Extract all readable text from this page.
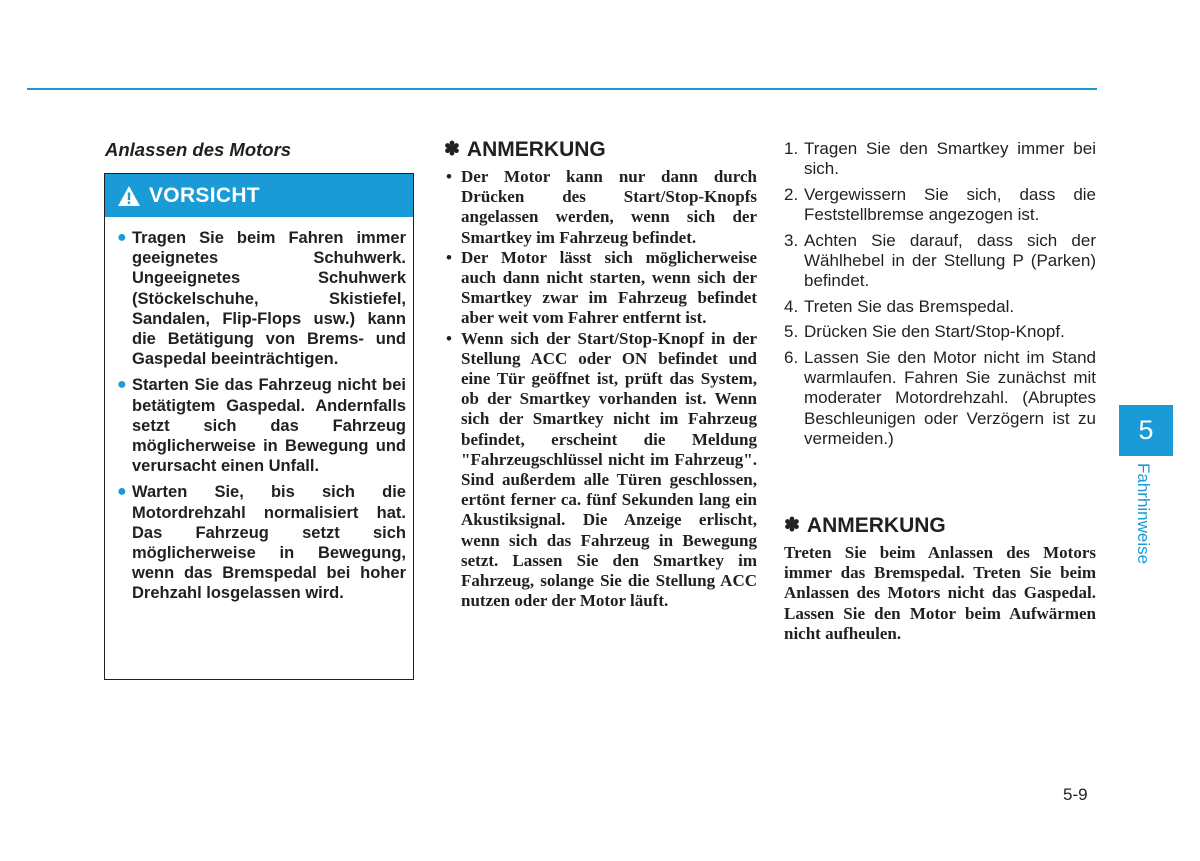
Anlassen des Motors
VORSICHT
● Tragen Sie beim Fahren immer geeignetes Schuhwerk. Ungeeignetes Schuhwerk (Stöckelschuhe, Skistiefel, Sandalen, Flip-Flops usw.) kann die Betätigung von Brems- und Gaspedal beeinträchtigen.
● Starten Sie das Fahrzeug nicht bei betätigtem Gaspedal. Andernfalls setzt sich das Fahrzeug möglicherweise in Bewegung und verursacht einen Unfall.
● Warten Sie, bis sich die Motordrehzahl normalisiert hat. Das Fahrzeug setzt sich möglicherweise in Bewegung, wenn das Bremspedal bei hoher Drehzahl losgelassen wird.
✽ ANMERKUNG
• Der Motor kann nur dann durch Drücken des Start/Stop-Knopfs angelassen werden, wenn sich der Smartkey im Fahrzeug befindet.
• Der Motor lässt sich möglicherweise auch dann nicht starten, wenn sich der Smartkey zwar im Fahrzeug befindet aber weit vom Fahrer entfernt ist.
• Wenn sich der Start/Stop-Knopf in der Stellung ACC oder ON befindet und eine Tür geöffnet ist, prüft das System, ob der Smartkey vorhanden ist. Wenn sich der Smartkey nicht im Fahrzeug befindet, erscheint die Meldung "Fahrzeugschlüssel nicht im Fahrzeug". Sind außerdem alle Türen geschlossen, ertönt ferner ca. fünf Sekunden lang ein Akustiksignal. Die Anzeige erlischt, wenn sich das Fahrzeug in Bewegung setzt. Lassen Sie den Smartkey im Fahrzeug, solange Sie die Stellung ACC nutzen oder der Motor läuft.
1. Tragen Sie den Smartkey immer bei sich.
2. Vergewissern Sie sich, dass die Feststellbremse angezogen ist.
3. Achten Sie darauf, dass sich der Wählhebel in der Stellung P (Parken) befindet.
4. Treten Sie das Bremspedal.
5. Drücken Sie den Start/Stop-Knopf.
6. Lassen Sie den Motor nicht im Stand warmlaufen. Fahren Sie zunächst mit moderater Motordrehzahl. (Abruptes Beschleunigen oder Verzögern ist zu vermeiden.)
✽ ANMERKUNG

Treten Sie beim Anlassen des Motors immer das Bremspedal. Treten Sie beim Anlassen des Motors nicht das Gaspedal. Lassen Sie den Motor beim Aufwärmen nicht aufheulen.

5
Fahrhinweise
5-9
